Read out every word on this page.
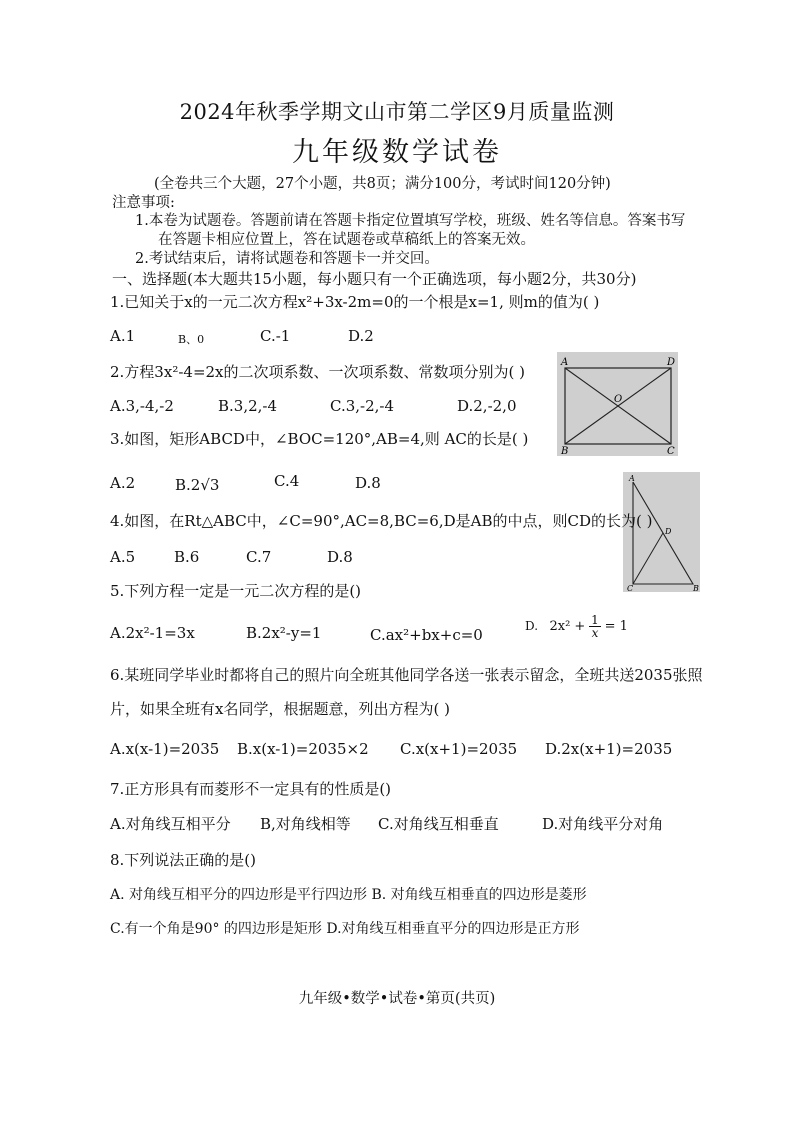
2024年秋季学期文山市第二学区9月质量监测
九年级数学试卷
(全卷共三个大题，27个小题，共8页；满分100分，考试时间120分钟)
注意事项:
1.本卷为试题卷。答题前请在答题卡指定位置填写学校，班级、姓名等信息。答案书写
在答题卡相应位置上，答在试题卷或草稿纸上的答案无效。
2.考试结束后，请将试题卷和答题卡一并交回。
一、选择题(本大题共15小题，每小题只有一个正确选项，每小题2分，共30分)
1.已知关于x的一元二次方程x²+3x-2m=0的一个根是x=1, 则m的值为( )
A.1	B、0	C.-1	D.2
2.方程3x²-4=2x的二次项系数、一次项系数、常数项分别为( )
A.3,-4,-2	B.3,2,-4	C.3,-2,-4	D.2,-2,0
A	D
B	C
O
3.如图，矩形ABCD中，∠BOC=120°,AB=4,则 AC的长是( )
A.2	B.2√3	C.4	D.8	A
D
C	B
4.如图，在Rt△ABC中，∠C=90°,AC=8,BC=6,D是AB的中点，则CD的长为( )
A.5	B.6	C.7	D.8
5.下列方程一定是一元二次方程的是()
A.2x²-1=3x	B.2x²-y=1	C.ax²+bx+c=0	D. $2x^2 + \frac{1}{x} = 1$
6.某班同学毕业时都将自己的照片向全班其他同学各送一张表示留念，全班共送2035张照
片，如果全班有x名同学，根据题意，列出方程为( )
A.x(x-1)=2035 B.x(x-1)=2035×2 C.x(x+1)=2035 D.2x(x+1)=2035
7.正方形具有而菱形不一定具有的性质是()
A.对角线互相平分 B,对角线相等 C.对角线互相垂直	D.对角线平分对角
8.下列说法正确的是()
A. 对角线互相平分的四边形是平行四边形 B. 对角线互相垂直的四边形是菱形
C.有一个角是90° 的四边形是矩形 D.对角线互相垂直平分的四边形是正方形
九年级•数学•试卷•第页(共页)
